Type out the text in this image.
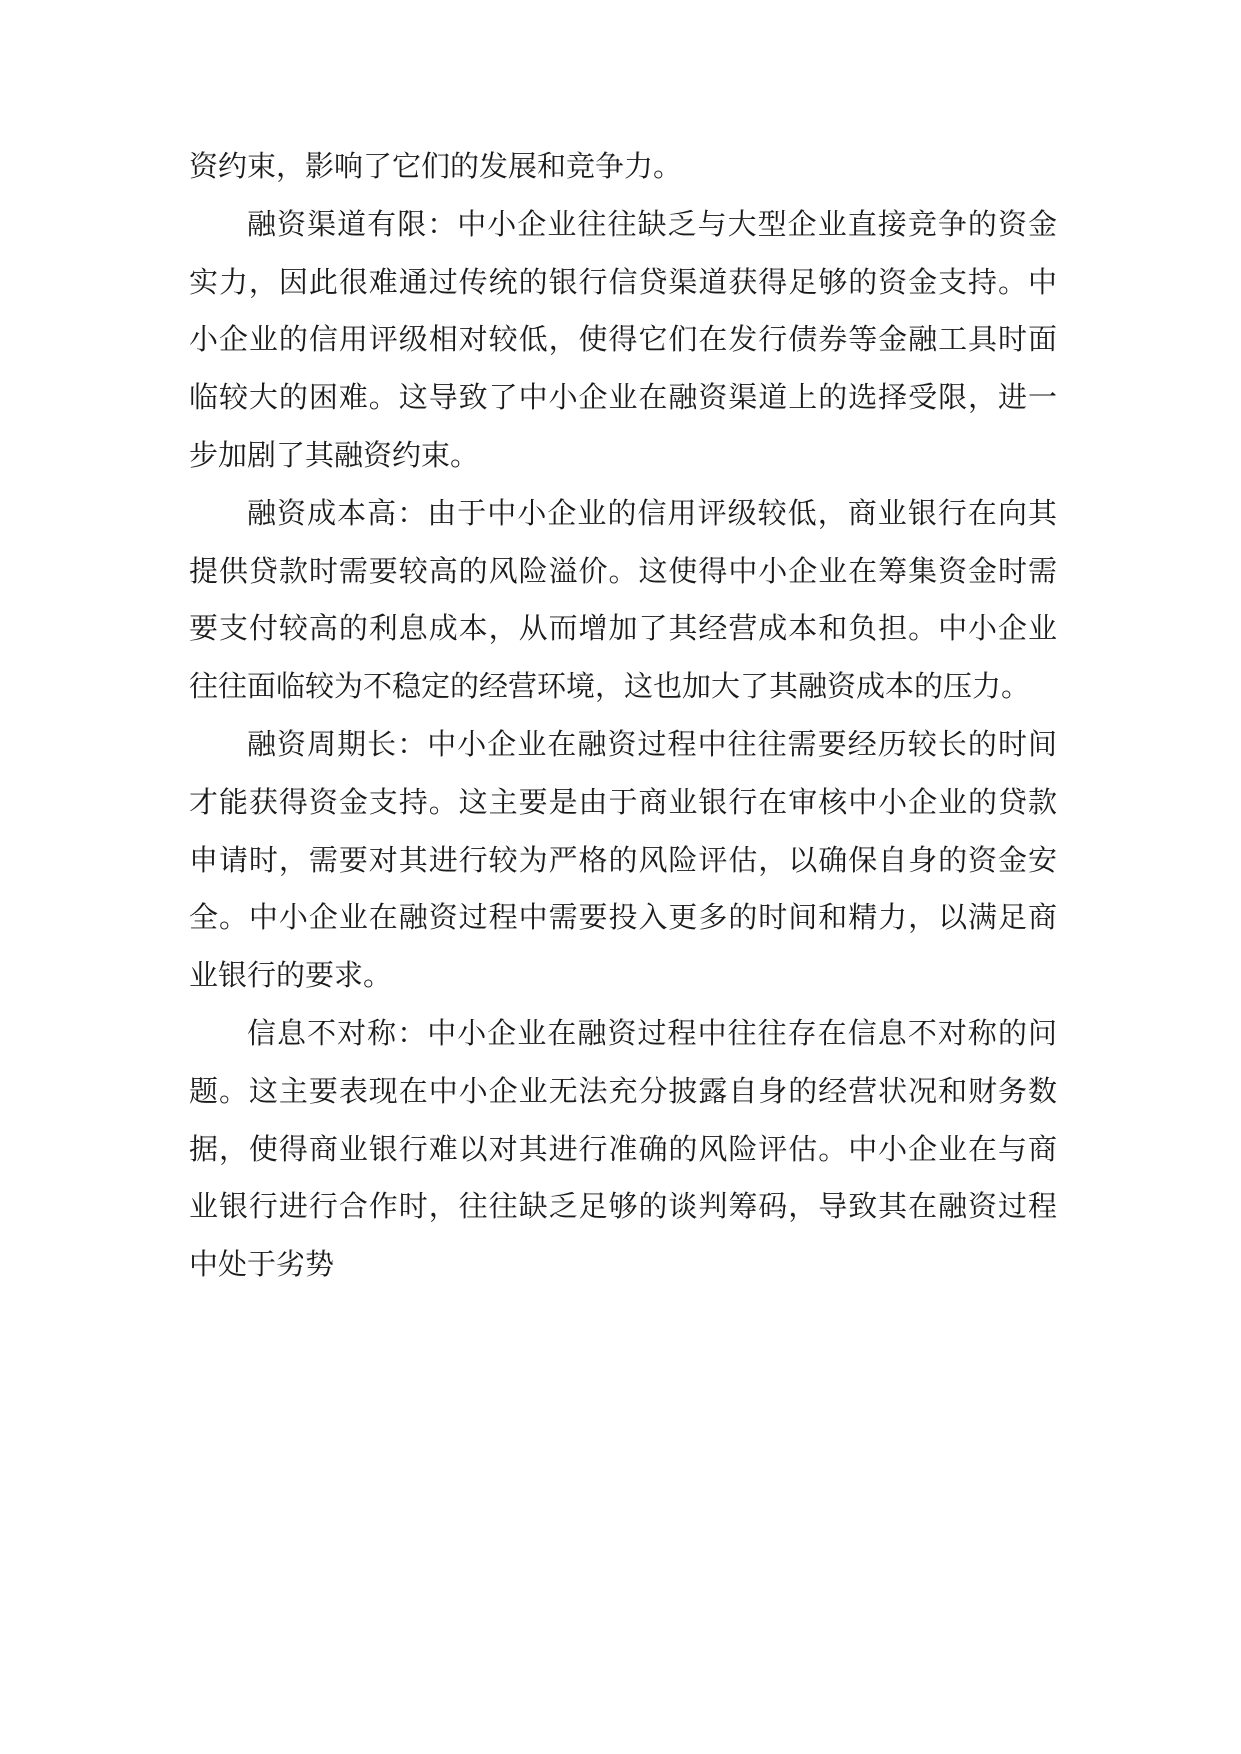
资约束，影响了它们的发展和竞争力。

融资渠道有限：中小企业往往缺乏与大型企业直接竞争的资金实力，因此很难通过传统的银行信贷渠道获得足够的资金支持。中小企业的信用评级相对较低，使得它们在发行债券等金融工具时面临较大的困难。这导致了中小企业在融资渠道上的选择受限，进一步加剧了其融资约束。

融资成本高：由于中小企业的信用评级较低，商业银行在向其提供贷款时需要较高的风险溢价。这使得中小企业在筹集资金时需要支付较高的利息成本，从而增加了其经营成本和负担。中小企业往往面临较为不稳定的经营环境，这也加大了其融资成本的压力。

融资周期长：中小企业在融资过程中往往需要经历较长的时间才能获得资金支持。这主要是由于商业银行在审核中小企业的贷款申请时，需要对其进行较为严格的风险评估，以确保自身的资金安全。中小企业在融资过程中需要投入更多的时间和精力，以满足商业银行的要求。

信息不对称：中小企业在融资过程中往往存在信息不对称的问题。这主要表现在中小企业无法充分披露自身的经营状况和财务数据，使得商业银行难以对其进行准确的风险评估。中小企业在与商业银行进行合作时，往往缺乏足够的谈判筹码，导致其在融资过程中处于劣势
